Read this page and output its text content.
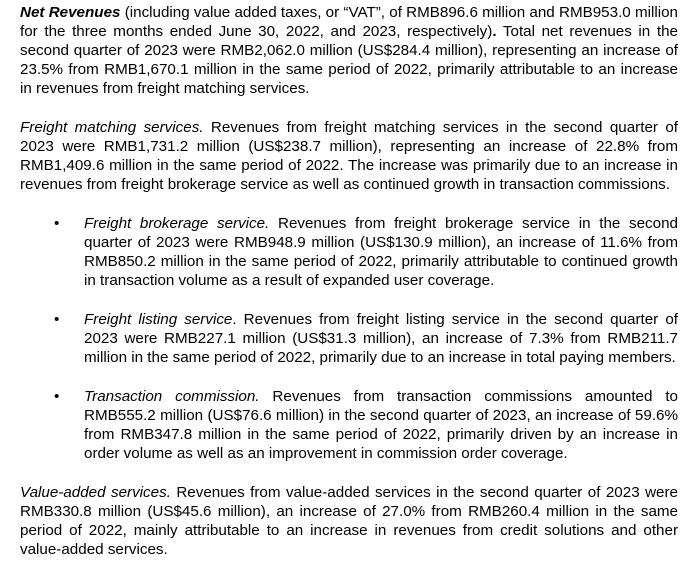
Net Revenues (including value added taxes, or “VAT”, of RMB896.6 million and RMB953.0 million for the three months ended June 30, 2022, and 2023, respectively). Total net revenues in the second quarter of 2023 were RMB2,062.0 million (US$284.4 million), representing an increase of 23.5% from RMB1,670.1 million in the same period of 2022, primarily attributable to an increase in revenues from freight matching services.

Freight matching services. Revenues from freight matching services in the second quarter of 2023 were RMB1,731.2 million (US$238.7 million), representing an increase of 22.8% from RMB1,409.6 million in the same period of 2022. The increase was primarily due to an increase in revenues from freight brokerage service as well as continued growth in transaction commissions.

• Freight brokerage service. Revenues from freight brokerage service in the second quarter of 2023 were RMB948.9 million (US$130.9 million), an increase of 11.6% from RMB850.2 million in the same period of 2022, primarily attributable to continued growth in transaction volume as a result of expanded user coverage.
• Freight listing service. Revenues from freight listing service in the second quarter of 2023 were RMB227.1 million (US$31.3 million), an increase of 7.3% from RMB211.7 million in the same period of 2022, primarily due to an increase in total paying members.
• Transaction commission. Revenues from transaction commissions amounted to RMB555.2 million (US$76.6 million) in the second quarter of 2023, an increase of 59.6% from RMB347.8 million in the same period of 2022, primarily driven by an increase in order volume as well as an improvement in commission order coverage.

Value-added services. Revenues from value-added services in the second quarter of 2023 were RMB330.8 million (US$45.6 million), an increase of 27.0% from RMB260.4 million in the same period of 2022, mainly attributable to an increase in revenues from credit solutions and other value-added services.
